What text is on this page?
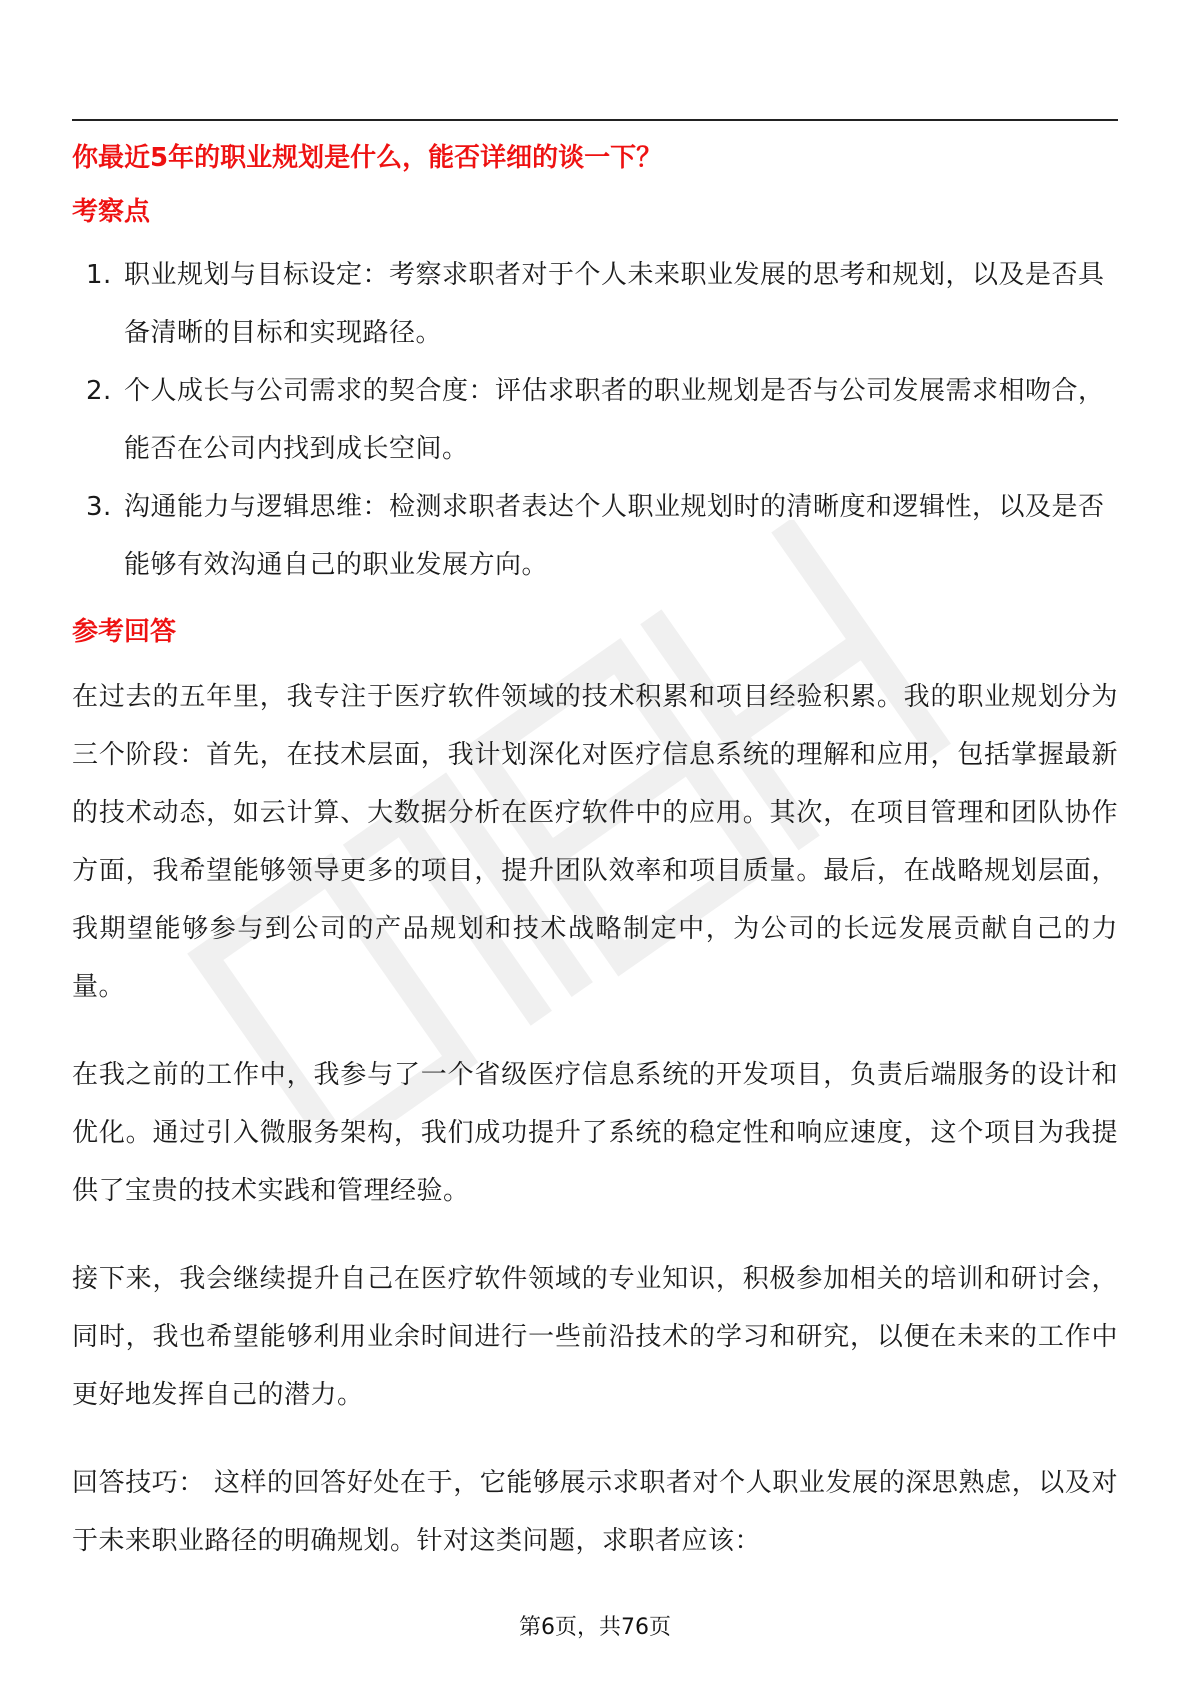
你最近5年的职业规划是什么，能否详细的谈一下？
考察点
1. 职业规划与目标设定：考察求职者对于个人未来职业发展的思考和规划，以及是否具备清晰的目标和实现路径。
2. 个人成长与公司需求的契合度：评估求职者的职业规划是否与公司发展需求相吻合，能否在公司内找到成长空间。
3. 沟通能力与逻辑思维：检测求职者表达个人职业规划时的清晰度和逻辑性，以及是否能够有效沟通自己的职业发展方向。
参考回答

在过去的五年里，我专注于医疗软件领域的技术积累和项目经验积累。我的职业规划分为三个阶段：首先，在技术层面，我计划深化对医疗信息系统的理解和应用，包括掌握最新的技术动态，如云计算、大数据分析在医疗软件中的应用。其次，在项目管理和团队协作方面，我希望能够领导更多的项目，提升团队效率和项目质量。最后，在战略规划层面，我期望能够参与到公司的产品规划和技术战略制定中，为公司的长远发展贡献自己的力量。

在我之前的工作中，我参与了一个省级医疗信息系统的开发项目，负责后端服务的设计和优化。通过引入微服务架构，我们成功提升了系统的稳定性和响应速度，这个项目为我提供了宝贵的技术实践和管理经验。

接下来，我会继续提升自己在医疗软件领域的专业知识，积极参加相关的培训和研讨会，同时，我也希望能够利用业余时间进行一些前沿技术的学习和研究，以便在未来的工作中更好地发挥自己的潜力。

回答技巧： 这样的回答好处在于，它能够展示求职者对个人职业发展的深思熟虑，以及对于未来职业路径的明确规划。针对这类问题，求职者应该：

第6页，共76页
